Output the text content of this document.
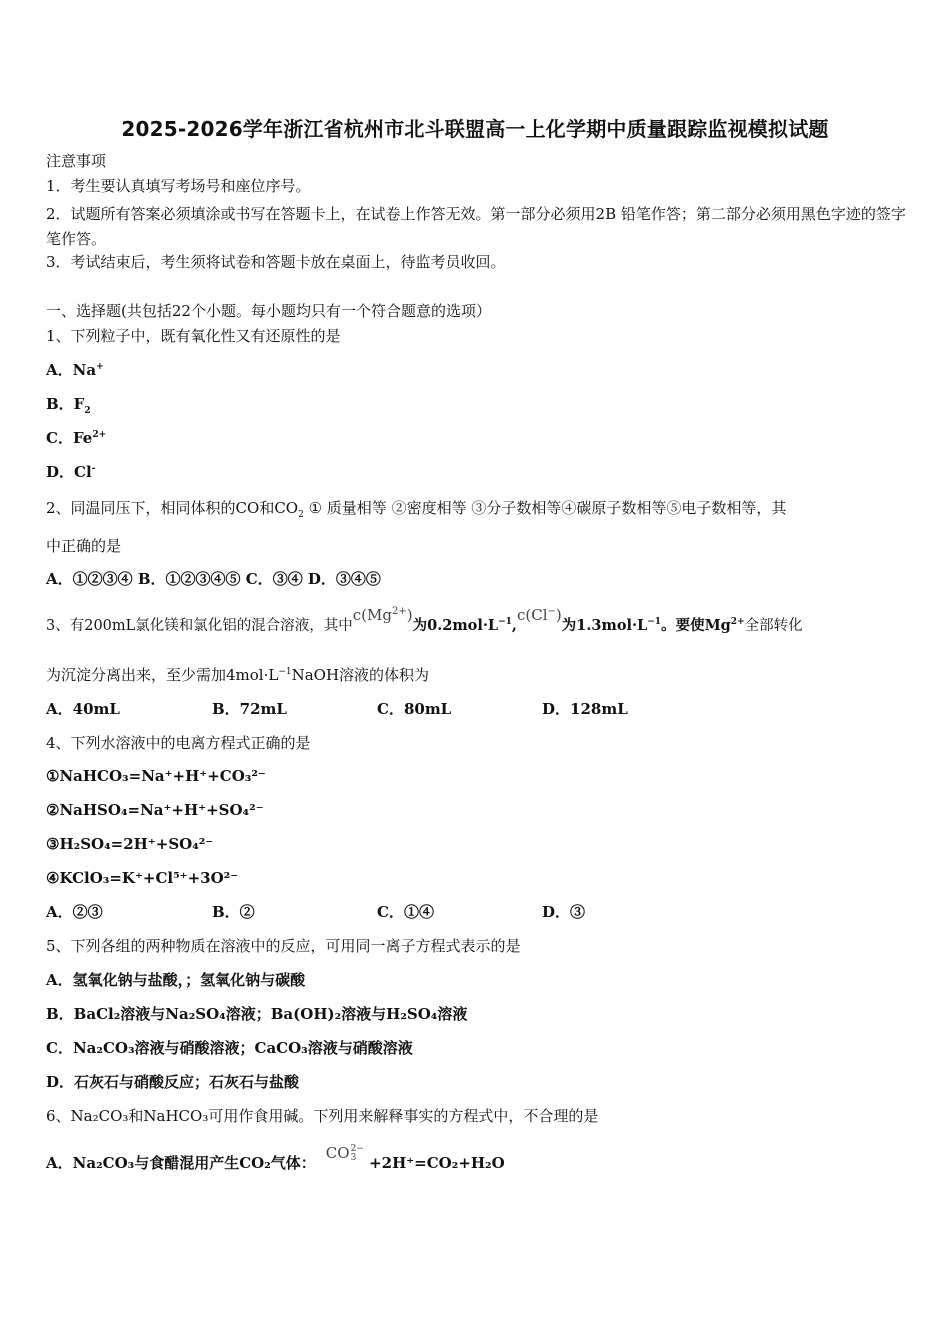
2025-2026学年浙江省杭州市北斗联盟高一上化学期中质量跟踪监视模拟试题
注意事项
1．考生要认真填写考场号和座位序号。
2．试题所有答案必须填涂或书写在答题卡上，在试卷上作答无效。第一部分必须用2B 铅笔作答；第二部分必须用黑色字迹的签字笔作答。
3．考试结束后，考生须将试卷和答题卡放在桌面上，待监考员收回。
一、选择题(共包括22个小题。每小题均只有一个符合题意的选项）
1、下列粒子中，既有氧化性又有还原性的是
A．Na+
B．$F_2$
C．$Fe^{2+}$
D．Cl-
2、同温同压下，相同体积的CO和$CO_2$ ① 质量相等 ②密度相等 ③分子数相等④碳原子数相等⑤电子数相等，其
中正确的是
A．①②③④ B．①②③④⑤ C．③④ D．③④⑤
3、有200mL氯化镁和氯化铝的混合溶液，其中$c(Mg^{2+})$为$0.2mol\cdot L^{-1},c(Cl^-)$为$1.3mol\cdot L^{-1}$。要使$Mg^{2+}$全部转化
为沉淀分离出来，至少需加$4mol\cdot L^{-1}NaOH$溶液的体积为
A．40mL	B．72mL	C．80mL	D．128mL
4、下列水溶液中的电离方程式正确的是
①NaHCO₃=Na⁺+H⁺+CO₃²⁻
②NaHSO₄=Na⁺+H⁺+SO₄²⁻
③H₂SO₄=2H⁺+SO₄²⁻
④KClO₃=K⁺+Cl⁵⁺+3O²⁻
A．②③	B．②	C．①④	D．③
5、下列各组的两种物质在溶液中的反应，可用同一离子方程式表示的是
A．氢氧化钠与盐酸，；氢氧化钠与碳酸
B．BaCl₂溶液与Na₂SO₄溶液；Ba(OH)₂溶液与H₂SO₄溶液
C．Na₂CO₃溶液与硝酸溶液；CaCO₃溶液与硝酸溶液
D．石灰石与硝酸反应；石灰石与盐酸
6、Na₂CO₃和NaHCO₃可用作食用碱。下列用来解释事实的方程式中，不合理的是
A．Na₂CO₃与食醋混用产生CO₂气体：CO 2−
3 +2H⁺=CO₂+H₂O
